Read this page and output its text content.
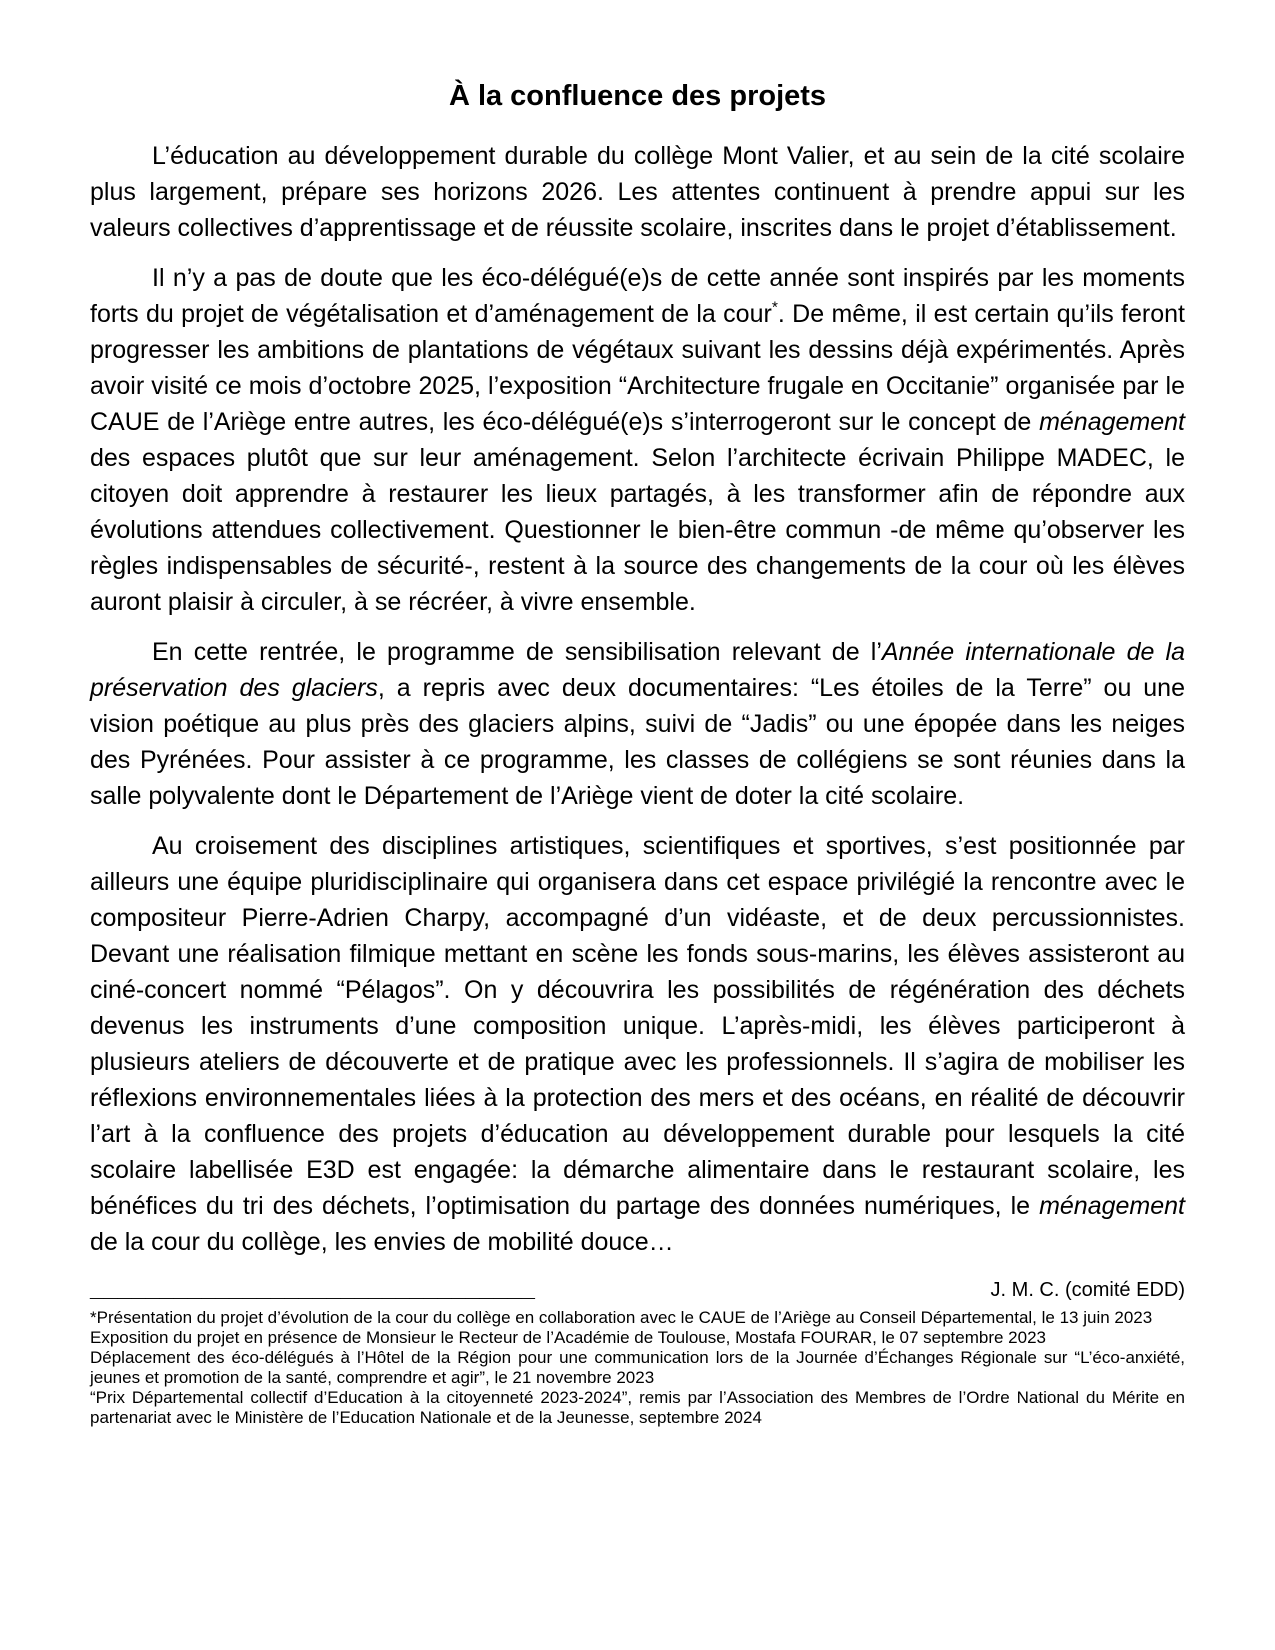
À la confluence des projets

L’éducation au développement durable du collège Mont Valier, et au sein de la cité scolaire plus largement, prépare ses horizons 2026. Les attentes continuent à prendre appui sur les valeurs collectives d’apprentissage et de réussite scolaire, inscrites dans le projet d’établissement.

Il n’y a pas de doute que les éco-délégué(e)s de cette année sont inspirés par les moments forts du projet de végétalisation et d’aménagement de la cour*. De même, il est certain qu’ils feront progresser les ambitions de plantations de végétaux suivant les dessins déjà expérimentés. Après avoir visité ce mois d’octobre 2025, l’exposition “Architecture frugale en Occitanie” organisée par le CAUE de l’Ariège entre autres, les éco-délégué(e)s s’interrogeront sur le concept de ménagement des espaces plutôt que sur leur aménagement. Selon l’architecte écrivain Philippe MADEC, le citoyen doit apprendre à restaurer les lieux partagés, à les transformer afin de répondre aux évolutions attendues collectivement. Questionner le bien-être commun -de même qu’observer les règles indispensables de sécurité-, restent à la source des changements de la cour où les élèves auront plaisir à circuler, à se récréer, à vivre ensemble.

En cette rentrée, le programme de sensibilisation relevant de l’Année internationale de la préservation des glaciers, a repris avec deux documentaires: “Les étoiles de la Terre” ou une vision poétique au plus près des glaciers alpins, suivi de “Jadis” ou une épopée dans les neiges des Pyrénées. Pour assister à ce programme, les classes de collégiens se sont réunies dans la salle polyvalente dont le Département de l’Ariège vient de doter la cité scolaire.

Au croisement des disciplines artistiques, scientifiques et sportives, s’est positionnée par ailleurs une équipe pluridisciplinaire qui organisera dans cet espace privilégié la rencontre avec le compositeur Pierre-Adrien Charpy, accompagné d’un vidéaste, et de deux percussionnistes. Devant une réalisation filmique mettant en scène les fonds sous-marins, les élèves assisteront au ciné-concert nommé “Pélagos”. On y découvrira les possibilités de régénération des déchets devenus les instruments d’une composition unique. L’après-midi, les élèves participeront à plusieurs ateliers de découverte et de pratique avec les professionnels. Il s’agira de mobiliser les réflexions environnementales liées à la protection des mers et des océans, en réalité de découvrir l’art à la confluence des projets d’éducation au développement durable pour lesquels la cité scolaire labellisée E3D est engagée: la démarche alimentaire dans le restaurant scolaire, les bénéfices du tri des déchets, l’optimisation du partage des données numériques, le ménagement de la cour du collège, les envies de mobilité douce…

________________________________	J. M. C. (comité EDD)

*Présentation du projet d’évolution de la cour du collège en collaboration avec le CAUE de l’Ariège au Conseil Départemental, le 13 juin 2023

Exposition du projet en présence de Monsieur le Recteur de l’Académie de Toulouse, Mostafa FOURAR, le 07 septembre 2023

Déplacement des éco-délégués à l’Hôtel de la Région pour une communication lors de la Journée d’Échanges Régionale sur “L’éco-anxiété, jeunes et promotion de la santé, comprendre et agir”, le 21 novembre 2023

“Prix Départemental collectif d’Education à la citoyenneté 2023-2024”, remis par l’Association des Membres de l’Ordre National du Mérite en partenariat avec le Ministère de l’Education Nationale et de la Jeunesse, septembre 2024
